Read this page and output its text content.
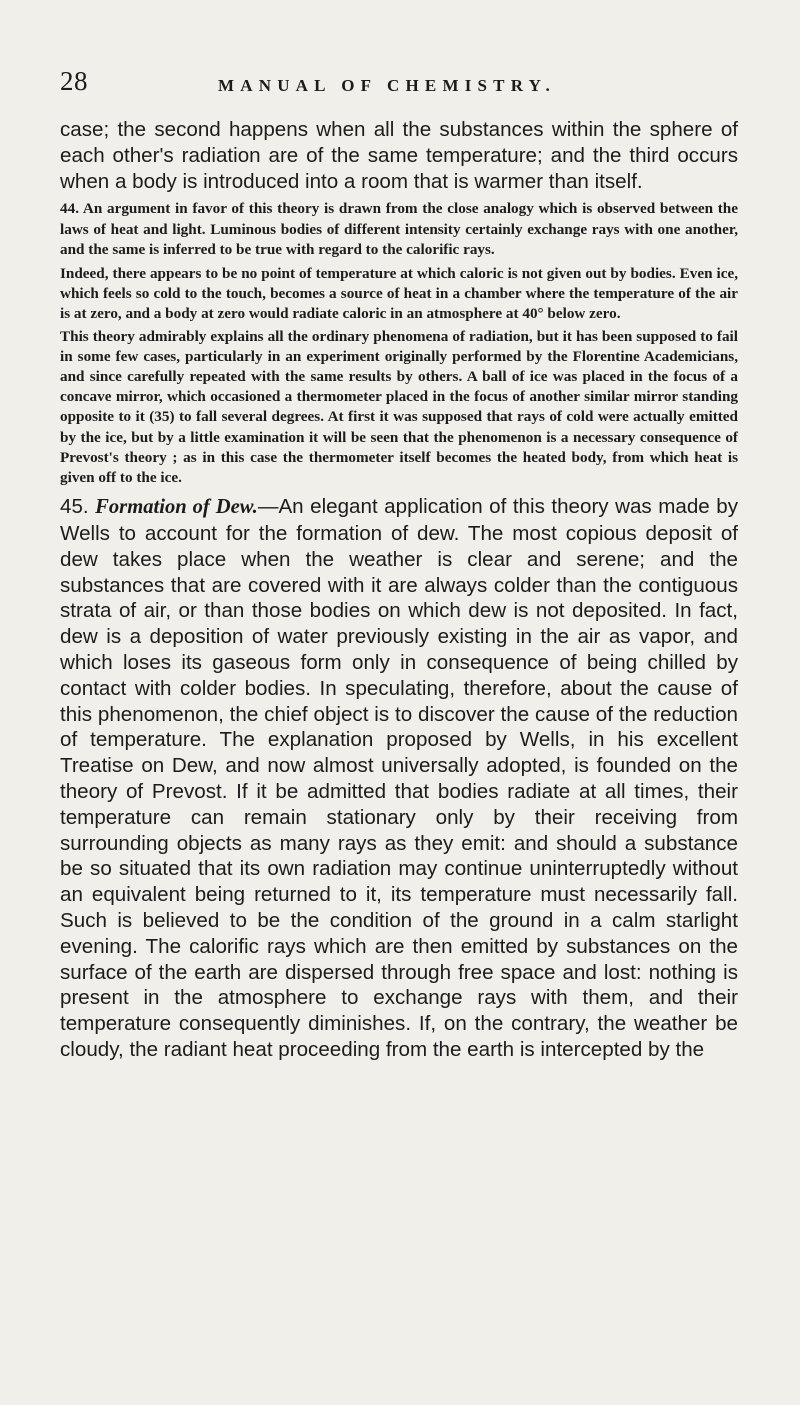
28	MANUAL OF CHEMISTRY.

case; the second happens when all the substances within the sphere of each other's radiation are of the same temperature; and the third occurs when a body is introduced into a room that is warmer than itself.

44. An argument in favor of this theory is drawn from the close analogy which is observed between the laws of heat and light. Luminous bodies of different intensity certainly exchange rays with one another, and the same is inferred to be true with regard to the calorific rays.

Indeed, there appears to be no point of temperature at which caloric is not given out by bodies. Even ice, which feels so cold to the touch, becomes a source of heat in a chamber where the temperature of the air is at zero, and a body at zero would radiate caloric in an atmosphere at 40° below zero.

This theory admirably explains all the ordinary phenomena of radiation, but it has been supposed to fail in some few cases, particularly in an experiment originally performed by the Florentine Academicians, and since carefully repeated with the same results by others. A ball of ice was placed in the focus of a concave mirror, which occasioned a thermometer placed in the focus of another similar mirror standing opposite to it (35) to fall several degrees. At first it was supposed that rays of cold were actually emitted by the ice, but by a little examination it will be seen that the phenomenon is a necessary consequence of Prevost's theory ; as in this case the thermometer itself becomes the heated body, from which heat is given off to the ice.

45. Formation of Dew.—An elegant application of this theory was made by Wells to account for the formation of dew. The most copious deposit of dew takes place when the weather is clear and serene; and the substances that are covered with it are always colder than the contiguous strata of air, or than those bodies on which dew is not deposited. In fact, dew is a deposition of water previously existing in the air as vapor, and which loses its gaseous form only in consequence of being chilled by contact with colder bodies. In speculating, therefore, about the cause of this phenomenon, the chief object is to discover the cause of the reduction of temperature. The explanation proposed by Wells, in his excellent Treatise on Dew, and now almost universally adopted, is founded on the theory of Prevost. If it be admitted that bodies radiate at all times, their temperature can remain stationary only by their receiving from surrounding objects as many rays as they emit: and should a substance be so situated that its own radiation may continue uninterruptedly without an equivalent being returned to it, its temperature must necessarily fall. Such is believed to be the condition of the ground in a calm starlight evening. The calorific rays which are then emitted by substances on the surface of the earth are dispersed through free space and lost: nothing is present in the atmosphere to exchange rays with them, and their temperature consequently diminishes. If, on the contrary, the weather be cloudy, the radiant heat proceeding from the earth is intercepted by the
